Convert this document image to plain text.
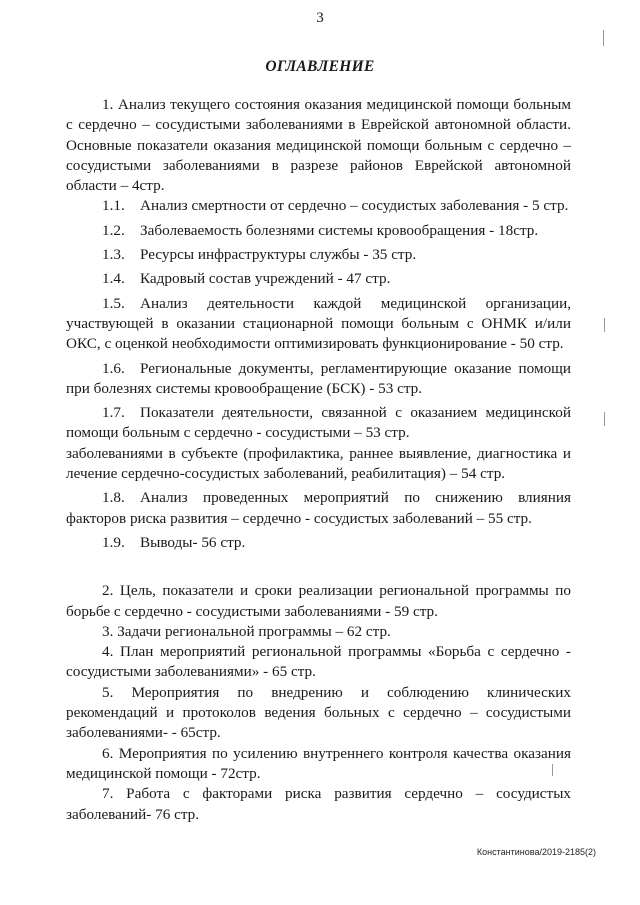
3
ОГЛАВЛЕНИЕ

1. Анализ текущего состояния оказания медицинской помощи больным с сердечно – сосудистыми заболеваниями в Еврейской автономной области. Основные показатели оказания медицинской помощи больным с сердечно – сосудистыми заболеваниями в разрезе районов Еврейской автономной области – 4стр.

1.1. Анализ смертности от сердечно – сосудистых заболевания - 5 стр.

1.2. Заболеваемость болезнями системы кровообращения - 18стр.

1.3. Ресурсы инфраструктуры службы - 35 стр.

1.4. Кадровый состав учреждений - 47 стр.

1.5. Анализ деятельности каждой медицинской организации, участвующей в оказании стационарной помощи больным с ОНМК и/или ОКС, с оценкой необходимости оптимизировать функционирование - 50 стр.

1.6. Региональные документы, регламентирующие оказание помощи при болезнях системы кровообращение (БСК) - 53 стр.

1.7. Показатели деятельности, связанной с оказанием медицинской помощи больным с сердечно - сосудистыми – 53 стр.

заболеваниями в субъекте (профилактика, раннее выявление, диагностика и лечение сердечно-сосудистых заболеваний, реабилитация) – 54 стр.

1.8. Анализ проведенных мероприятий по снижению влияния факторов риска развития – сердечно - сосудистых заболеваний – 55 стр.

1.9. Выводы- 56 стр.

2. Цель, показатели и сроки реализации региональной программы по борьбе с сердечно - сосудистыми заболеваниями - 59 стр.

3. Задачи региональной программы – 62 стр.

4. План мероприятий региональной программы «Борьба с сердечно - сосудистыми заболеваниями» - 65 стр.

5. Мероприятия по внедрению и соблюдению клинических рекомендаций и протоколов ведения больных с сердечно – сосудистыми заболеваниями- - 65стр.

6. Мероприятия по усилению внутреннего контроля качества оказания медицинской помощи - 72стр.

7. Работа с факторами риска развития сердечно – сосудистых заболеваний- 76 стр.

Константинова/2019-2185(2)
